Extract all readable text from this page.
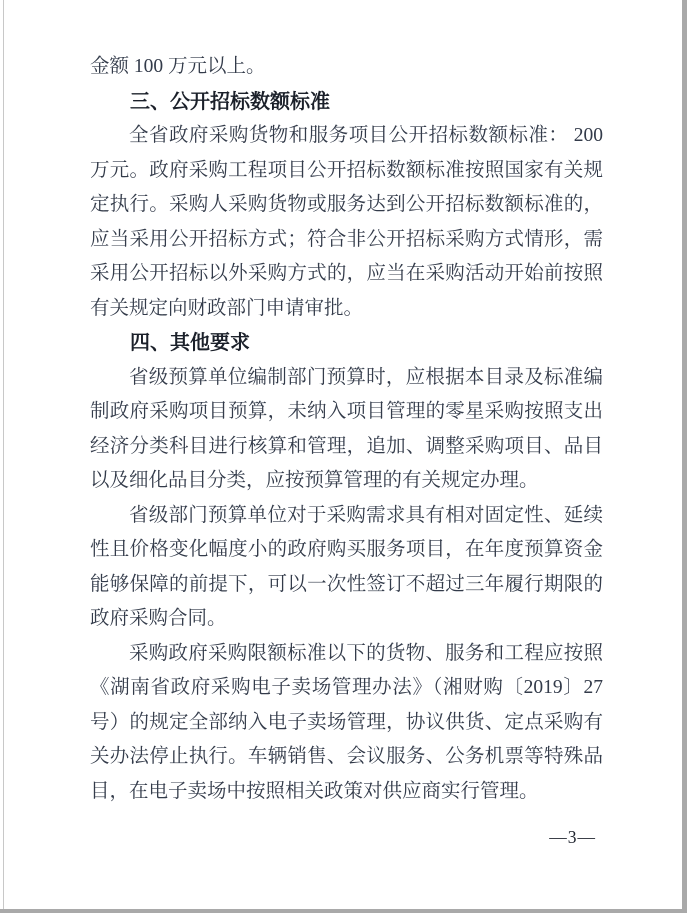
金额 100 万元以上。

三、公开招标数额标准

全省政府采购货物和服务项目公开招标数额标准： 200 万元。政府采购工程项目公开招标数额标准按照国家有关规定执行。采购人采购货物或服务达到公开招标数额标准的，应当采用公开招标方式；符合非公开招标采购方式情形，需采用公开招标以外采购方式的，应当在采购活动开始前按照有关规定向财政部门申请审批。

四、其他要求

省级预算单位编制部门预算时，应根据本目录及标准编制政府采购项目预算，未纳入项目管理的零星采购按照支出经济分类科目进行核算和管理，追加、调整采购项目、品目以及细化品目分类，应按预算管理的有关规定办理。

省级部门预算单位对于采购需求具有相对固定性、延续性且价格变化幅度小的政府购买服务项目，在年度预算资金能够保障的前提下，可以一次性签订不超过三年履行期限的政府采购合同。

采购政府采购限额标准以下的货物、服务和工程应按照《湖南省政府采购电子卖场管理办法》（湘财购〔2019〕27 号）的规定全部纳入电子卖场管理，协议供货、定点采购有关办法停止执行。车辆销售、会议服务、公务机票等特殊品目，在电子卖场中按照相关政策对供应商实行管理。

—3—
